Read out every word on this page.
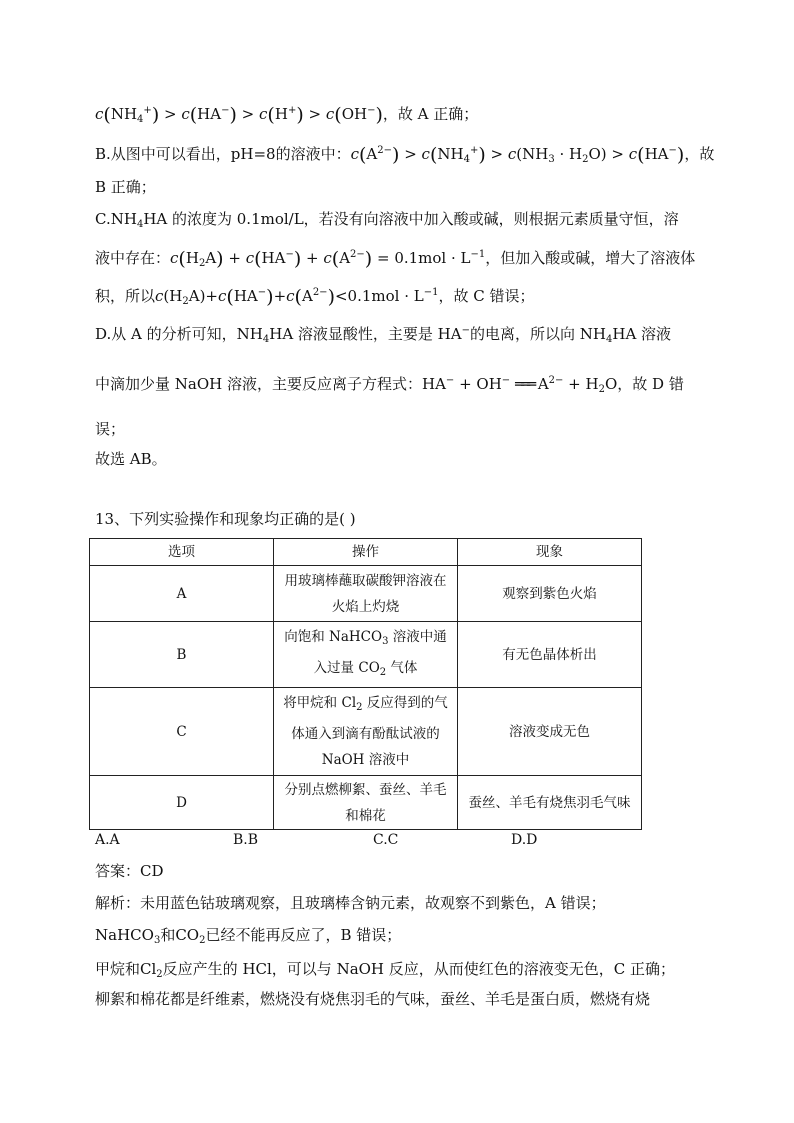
$c(NH_4^+) > c(HA^-) > c(H^+) > c(OH^-)$，故 A 正确；
B.从图中可以看出，pH=8的溶液中：$c(A^{2-}) > c(NH_4^+) > c(NH_3 \cdot H_2O) > c(HA^-)$，故
B 正确；
$C.NH_4HA$ 的浓度为 0.1mol/L，若没有向溶液中加入酸或碱，则根据元素质量守恒，溶
液中存在：$c(H_2A) + c(HA^-) + c(A^{2-}) = 0.1mol \cdot L^{-1}$，但加入酸或碱，增大了溶液体
积，所以$c(H_2A)+c(HA^-)+c(A^{2-})<0.1mol \cdot L^{-1}$，故 C 错误；
D.从 A 的分析可知，$NH_4HA$ 溶液显酸性，主要是 HA−的电离，所以向 $NH_4HA$ 溶液
中滴加少量 NaOH 溶液，主要反应离子方程式：HA− + OH− ═══ $A^{2-} + H_2O$，故 D 错
误；
故选 AB。
13、下列实验操作和现象均正确的是( )
选项	操作	现象
A	用玻璃棒蘸取碳酸钾溶液在火焰上灼烧	观察到紫色火焰
B	向饱和 NaHCO$_3$ 溶液中通入过量 $CO_2$ 气体	有无色晶体析出
C	将甲烷和 $Cl_2$ 反应得到的气体通入到滴有酚酞试液的 NaOH 溶液中	溶液变成无色
D	分别点燃柳絮、蚕丝、羊毛和棉花	蚕丝、羊毛有烧焦羽毛气味
A.A	B.B	C.C	D.D
答案：CD
解析：未用蓝色钴玻璃观察，且玻璃棒含钠元素，故观察不到紫色，A 错误；
NaHCO$_3$和$CO_2$已经不能再反应了，B 错误；
甲烷和$Cl_2$反应产生的 HCl，可以与 NaOH 反应，从而使红色的溶液变无色，C 正确；
柳絮和棉花都是纤维素，燃烧没有烧焦羽毛的气味，蚕丝、羊毛是蛋白质，燃烧有烧
